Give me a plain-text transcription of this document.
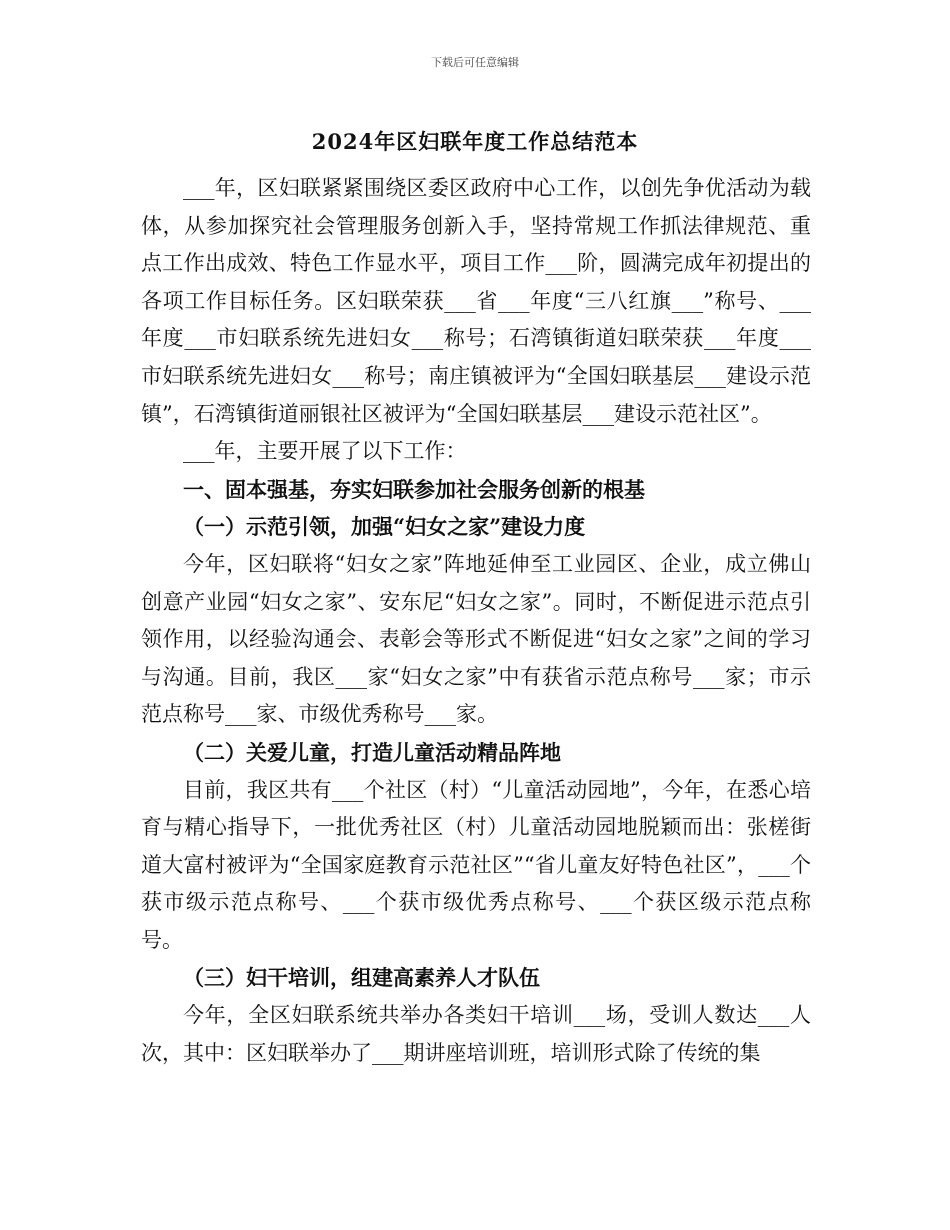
下载后可任意编辑
2024年区妇联年度工作总结范本

___年，区妇联紧紧围绕区委区政府中心工作，以创先争优活动为载体，从参加探究社会管理服务创新入手，坚持常规工作抓法律规范、重点工作出成效、特色工作显水平，项目工作___阶，圆满完成年初提出的各项工作目标任务。区妇联荣获___省___年度“三八红旗___”称号、___年度___市妇联系统先进妇女___称号；石湾镇街道妇联荣获___年度___市妇联系统先进妇女___称号；南庄镇被评为“全国妇联基层___建设示范镇”，石湾镇街道丽银社区被评为“全国妇联基层___建设示范社区”。

___年，主要开展了以下工作：

一、固本强基，夯实妇联参加社会服务创新的根基

（一）示范引领，加强“妇女之家”建设力度

今年，区妇联将“妇女之家”阵地延伸至工业园区、企业，成立佛山创意产业园“妇女之家”、安东尼“妇女之家”。同时，不断促进示范点引领作用，以经验沟通会、表彰会等形式不断促进“妇女之家”之间的学习与沟通。目前，我区___家“妇女之家”中有获省示范点称号___家；市示范点称号___家、市级优秀称号___家。

（二）关爱儿童，打造儿童活动精品阵地

目前，我区共有___个社区（村）“儿童活动园地”，今年，在悉心培育与精心指导下，一批优秀社区（村）儿童活动园地脱颖而出：张槎街道大富村被评为“全国家庭教育示范社区”“省儿童友好特色社区”，___个获市级示范点称号、___个获市级优秀点称号、___个获区级示范点称号。

（三）妇干培训，组建高素养人才队伍

今年，全区妇联系统共举办各类妇干培训___场，受训人数达___人次，其中：区妇联举办了___期讲座培训班，培训形式除了传统的集
